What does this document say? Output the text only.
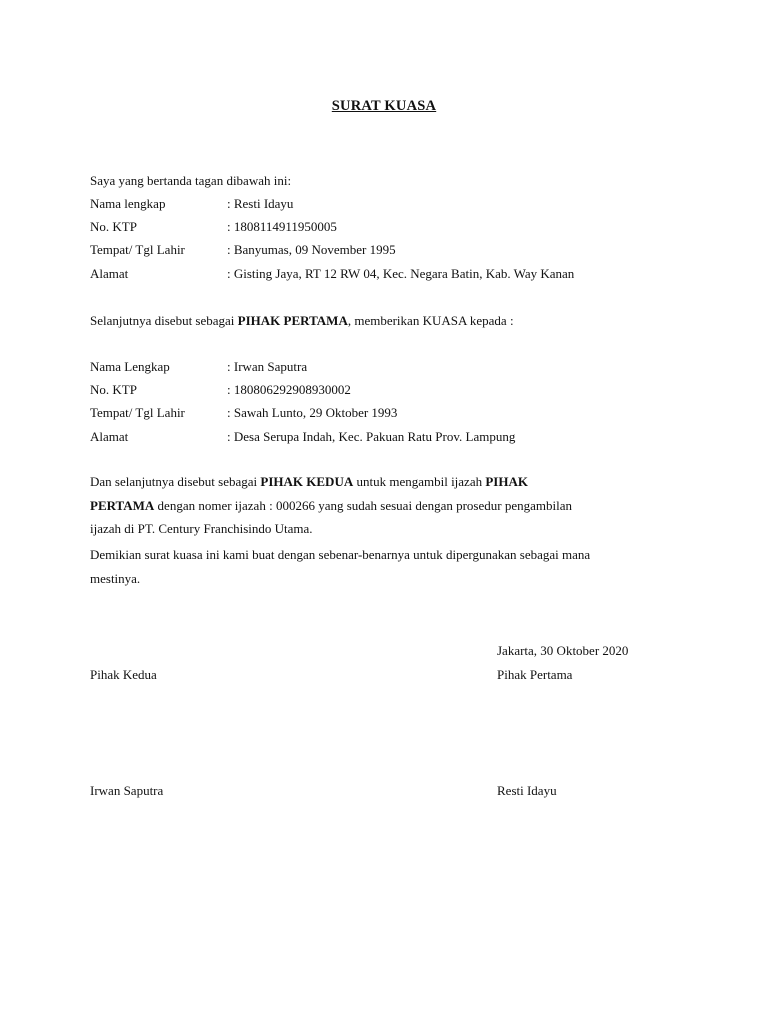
SURAT KUASA
Saya yang bertanda tagan dibawah ini:
Nama lengkap	: Resti Idayu
No. KTP	: 1808114911950005
Tempat/ Tgl Lahir	: Banyumas, 09 November 1995
Alamat	: Gisting Jaya, RT 12 RW 04, Kec. Negara Batin, Kab. Way Kanan
Selanjutnya disebut sebagai PIHAK PERTAMA, memberikan KUASA kepada :
Nama Lengkap	: Irwan Saputra
No. KTP	: 180806292908930002
Tempat/ Tgl Lahir	: Sawah Lunto, 29 Oktober 1993
Alamat	: Desa Serupa Indah, Kec. Pakuan Ratu Prov. Lampung
Dan selanjutnya disebut sebagai PIHAK KEDUA untuk mengambil ijazah PIHAK
PERTAMA dengan nomer ijazah : 000266 yang sudah sesuai dengan prosedur pengambilan
ijazah di PT. Century Franchisindo Utama.
Demikian surat kuasa ini kami buat dengan sebenar-benarnya untuk dipergunakan sebagai mana
mestinya.
Jakarta, 30 Oktober 2020
Pihak Kedua	Pihak Pertama
Irwan Saputra	Resti Idayu
